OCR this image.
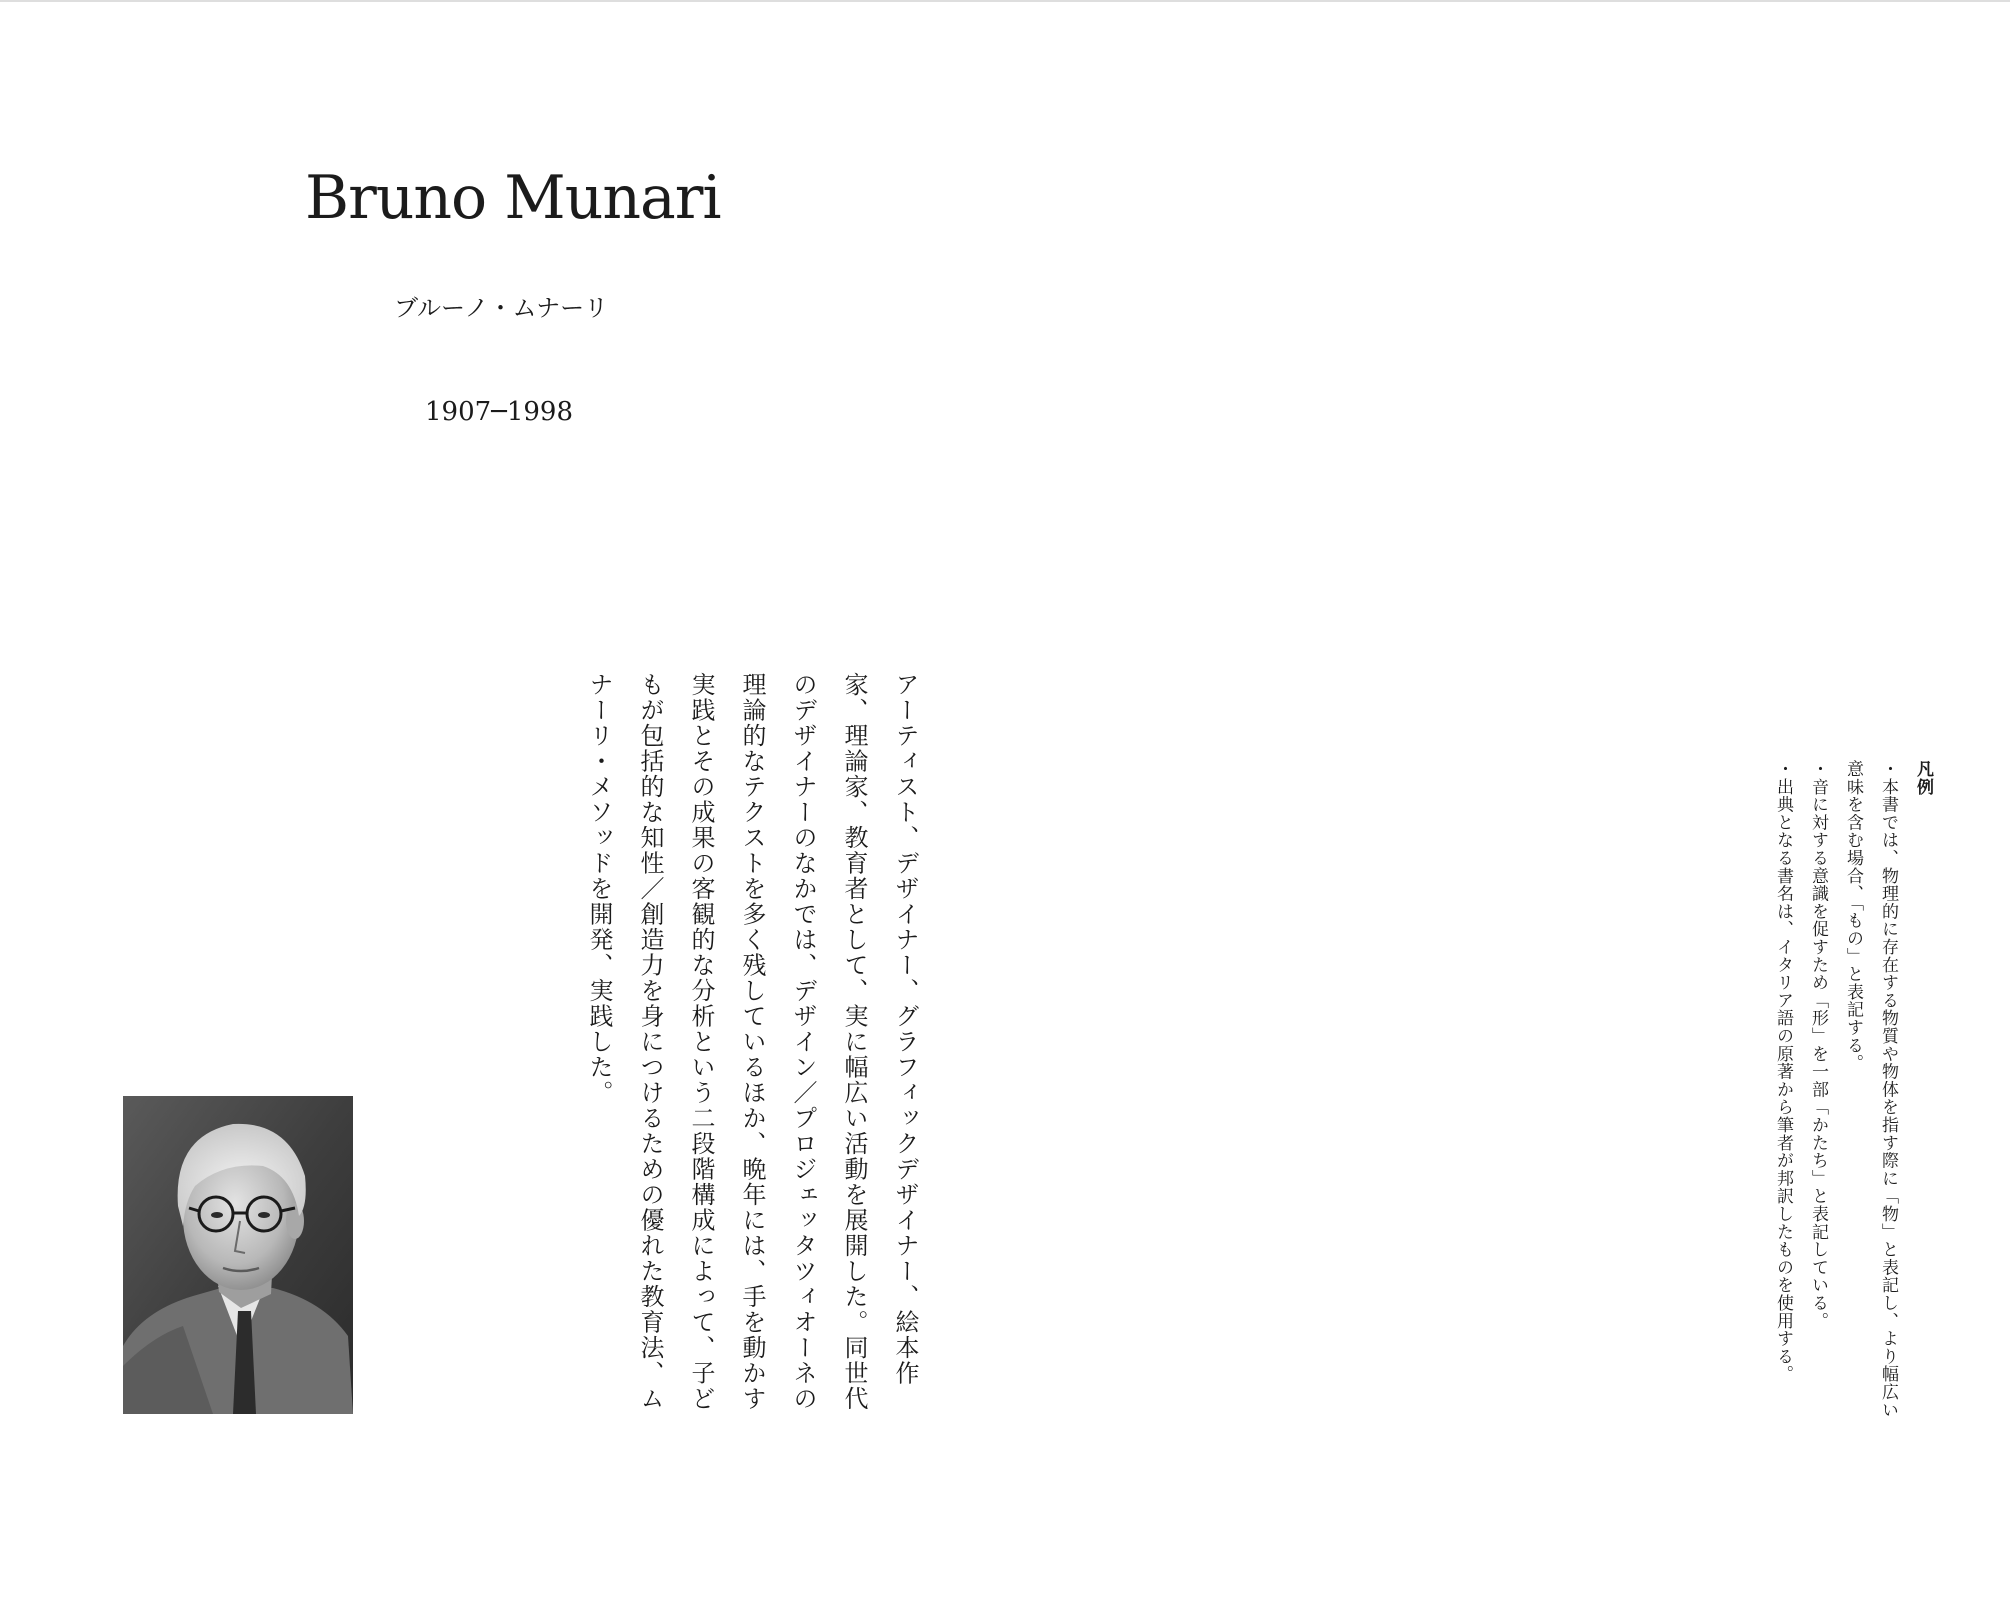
Bruno Munari
ブルーノ・ムナーリ
1907─1998

アーティスト、デザイナー、グラフィックデザイナー、絵本作家、理論家、教育者として、実に幅広い活動を展開した。同世代のデザイナーのなかでは、デザイン／プロジェッタツィオーネの理論的なテクストを多く残しているほか、晩年には、手を動かす実践とその成果の客観的な分析という二段階構成によって、子どもが包括的な知性／創造力を身につけるための優れた教育法、ムナーリ・メソッドを開発、実践した。	凡例

・本書では、物理的に存在する物質や物体を指す際に「物」と表記し、より幅広い意味を含む場合、「もの」と表記する。
・音に対する意識を促すため「形」を一部「かたち」と表記している。
・出典となる書名は、イタリア語の原著から筆者が邦訳したものを使用する。
